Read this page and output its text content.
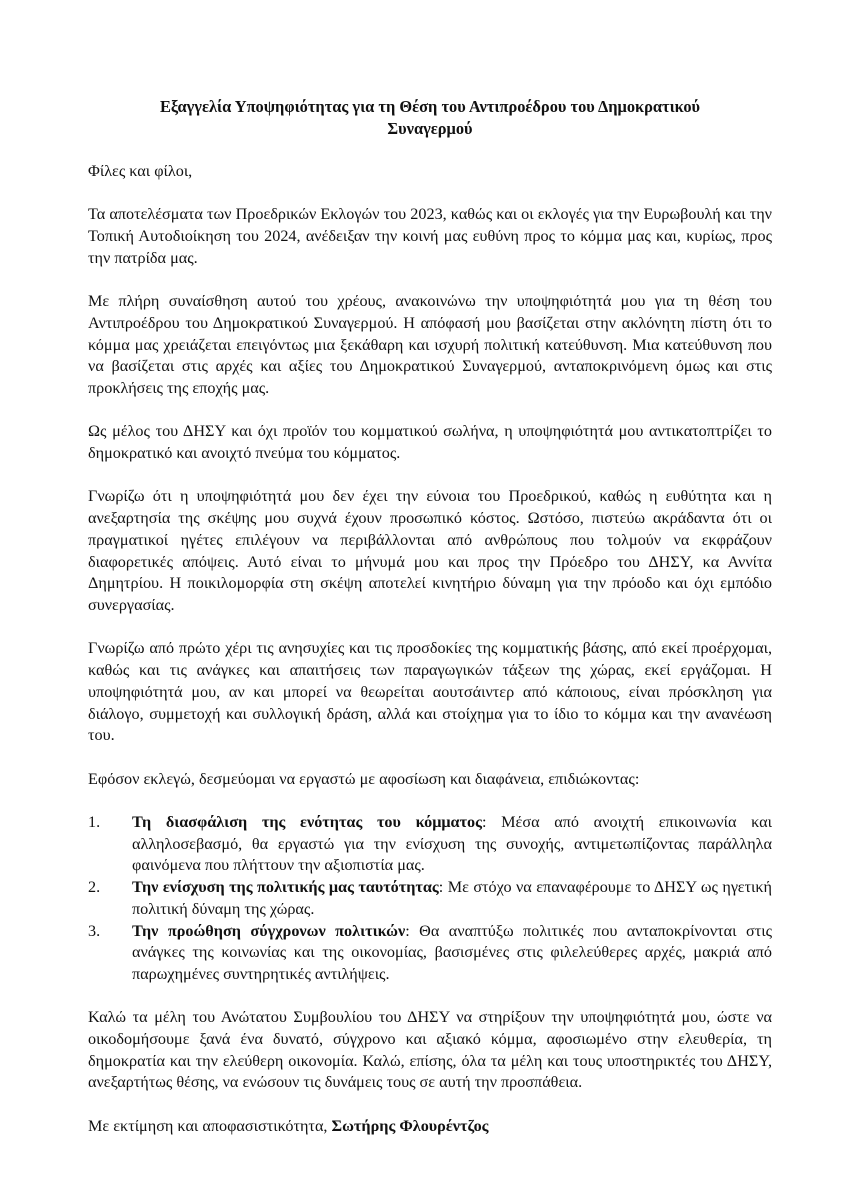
Εξαγγελία Υποψηφιότητας για τη Θέση του Αντιπροέδρου του Δημοκρατικού Συναγερμού

Φίλες και φίλοι,

Τα αποτελέσματα των Προεδρικών Εκλογών του 2023, καθώς και οι εκλογές για την Ευρωβουλή και την Τοπική Αυτοδιοίκηση του 2024, ανέδειξαν την κοινή μας ευθύνη προς το κόμμα μας και, κυρίως, προς την πατρίδα μας.

Με πλήρη συναίσθηση αυτού του χρέους, ανακοινώνω την υποψηφιότητά μου για τη θέση του Αντιπροέδρου του Δημοκρατικού Συναγερμού. Η απόφασή μου βασίζεται στην ακλόνητη πίστη ότι το κόμμα μας χρειάζεται επειγόντως μια ξεκάθαρη και ισχυρή πολιτική κατεύθυνση. Μια κατεύθυνση που να βασίζεται στις αρχές και αξίες του Δημοκρατικού Συναγερμού, ανταποκρινόμενη όμως και στις προκλήσεις της εποχής μας.

Ως μέλος του ΔΗΣΥ και όχι προϊόν του κομματικού σωλήνα, η υποψηφιότητά μου αντικατοπτρίζει το δημοκρατικό και ανοιχτό πνεύμα του κόμματος.

Γνωρίζω ότι η υποψηφιότητά μου δεν έχει την εύνοια του Προεδρικού, καθώς η ευθύτητα και η ανεξαρτησία της σκέψης μου συχνά έχουν προσωπικό κόστος. Ωστόσο, πιστεύω ακράδαντα ότι οι πραγματικοί ηγέτες επιλέγουν να περιβάλλονται από ανθρώπους που τολμούν να εκφράζουν διαφορετικές απόψεις. Αυτό είναι το μήνυμά μου και προς την Πρόεδρο του ΔΗΣΥ, κα Αννίτα Δημητρίου. Η ποικιλομορφία στη σκέψη αποτελεί κινητήριο δύναμη για την πρόοδο και όχι εμπόδιο συνεργασίας.

Γνωρίζω από πρώτο χέρι τις ανησυχίες και τις προσδοκίες της κομματικής βάσης, από εκεί προέρχομαι, καθώς και τις ανάγκες και απαιτήσεις των παραγωγικών τάξεων της χώρας, εκεί εργάζομαι. Η υποψηφιότητά μου, αν και μπορεί να θεωρείται αουτσάιντερ από κάποιους, είναι πρόσκληση για διάλογο, συμμετοχή και συλλογική δράση, αλλά και στοίχημα για το ίδιο το κόμμα και την ανανέωση του.

Εφόσον εκλεγώ, δεσμεύομαι να εργαστώ με αφοσίωση και διαφάνεια, επιδιώκοντας:

1. Τη διασφάλιση της ενότητας του κόμματος: Μέσα από ανοιχτή επικοινωνία και αλληλοσεβασμό, θα εργαστώ για την ενίσχυση της συνοχής, αντιμετωπίζοντας παράλληλα φαινόμενα που πλήττουν την αξιοπιστία μας.
2. Την ενίσχυση της πολιτικής μας ταυτότητας: Με στόχο να επαναφέρουμε το ΔΗΣΥ ως ηγετική πολιτική δύναμη της χώρας.
3. Την προώθηση σύγχρονων πολιτικών: Θα αναπτύξω πολιτικές που ανταποκρίνονται στις ανάγκες της κοινωνίας και της οικονομίας, βασισμένες στις φιλελεύθερες αρχές, μακριά από παρωχημένες συντηρητικές αντιλήψεις.

Καλώ τα μέλη του Ανώτατου Συμβουλίου του ΔΗΣΥ να στηρίξουν την υποψηφιότητά μου, ώστε να οικοδομήσουμε ξανά ένα δυνατό, σύγχρονο και αξιακό κόμμα, αφοσιωμένο στην ελευθερία, τη δημοκρατία και την ελεύθερη οικονομία. Καλώ, επίσης, όλα τα μέλη και τους υποστηρικτές του ΔΗΣΥ, ανεξαρτήτως θέσης, να ενώσουν τις δυνάμεις τους σε αυτή την προσπάθεια.

Με εκτίμηση και αποφασιστικότητα, Σωτήρης Φλουρέντζος
